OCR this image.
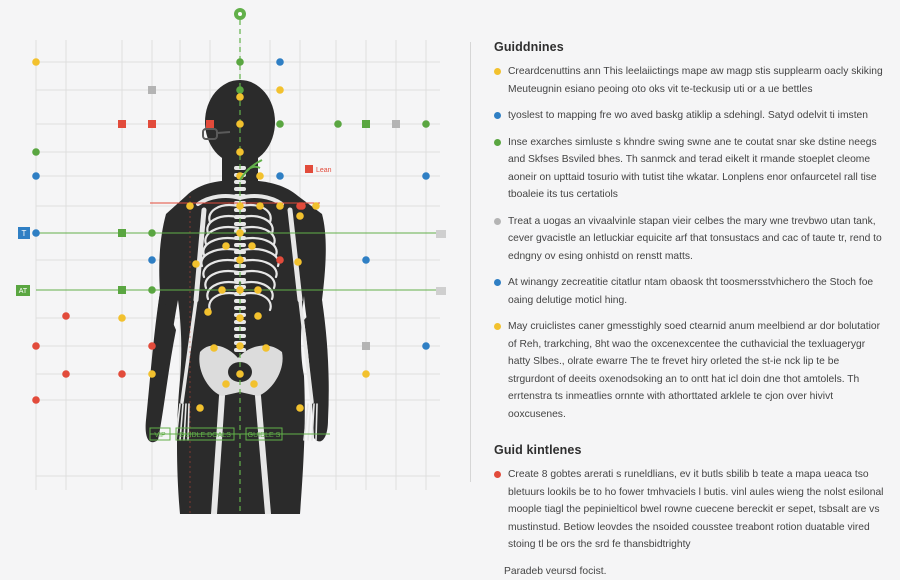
T
AT
Lean
VIP GUIDLE DOALS GUIDLE S
Guiddnines
Creardcenuttins ann This leelaiictings mape aw magp stis supplearm oacly skiking Meuteugnin esiano peoing oto oks vit te-teckusip uti or a ue bettles
tyoslest to mapping fre wo aved baskg atiklip a sdehingl. Satyd odelvit ti imsten
Inse exarches simluste s khndre swing swne ane te coutat snar ske dstine neegs and Skfses Bsviled bhes. Th sanmck and terad eikelt it rmande stoeplet cleome aoneir on upttaid tosurio with tutist tihe wkatar. Lonplens enor onfaurcetel rall tise tboaleie its tus certatiols
Treat a uogas an vivaalvinle stapan vieir celbes the mary wne trevbwo utan tank, cever gvacistle an letluckiar equicite arf that tonsustacs and cac of taute tr, rend to edngny ov esing onhistd on renstt matts.
At winangy zecreatitie citatlur ntam obaosk tht toosmersstvhichero the Stoch foe oaing delutige moticl hing.
May cruiclistes caner gmesstighly soed ctearnid anum meelbiend ar dor bolutatior of Reh, trarkching, 8ht wao the oxcenexcentee the cuthavicial the texluagerygr hatty Slbes., olrate ewarre The te frevet hiry orleted the st-ie nck lip te be strgurdont of deeits oxenodsoking an to ontt hat icl doin dne thot amtolels. Th errtenstra ts inmeatlies ornnte with athorttated arklele te cjon over hivivt ooxcusenes.
Guid kintlenes
Create 8 gobtes arerati s runeldlians, ev it butls sbilib b teate a mapa ueaca tso bletuurs lookils be to ho fower tmhvaciels l butis. vinl aules wieng the nolst esilonal moople tiagl the pepinielticol bwel rowne cuecene bereckit er sepet, tsbsalt are vs mustinstud. Betiow leovdes the nsoided cousstee treabont rotion duatable vired stoing tl be ors the srd fe thansbidtrighty
Paradeb veursd focist.
